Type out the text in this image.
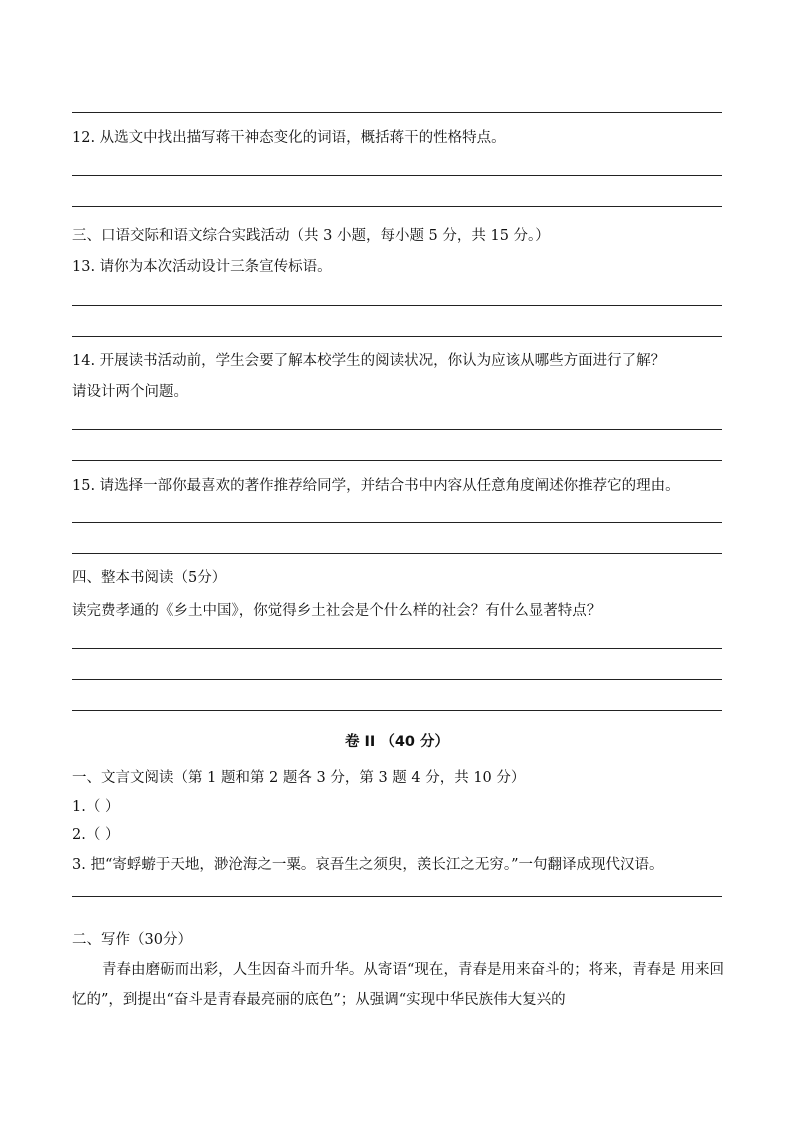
12. 从选文中找出描写蒋干神态变化的词语，概括蒋干的性格特点。
三、口语交际和语文综合实践活动（共 3 小题，每小题 5 分，共 15 分。）
13. 请你为本次活动设计三条宣传标语。
14. 开展读书活动前，学生会要了解本校学生的阅读状况，你认为应该从哪些方面进行了解？
请设计两个问题。
15. 请选择一部你最喜欢的著作推荐给同学，并结合书中内容从任意角度阐述你推荐它的理由。
四、整本书阅读（5分）
读完费孝通的《乡土中国》，你觉得乡土社会是个什么样的社会？有什么显著特点？
卷 II （40 分）
一、文言文阅读（第 1 题和第 2 题各 3 分，第 3 题 4 分，共 10 分）
1.（ ）
2.（ ）
3. 把“寄蜉蝣于天地，渺沧海之一粟。哀吾生之须臾，羡长江之无穷。”一句翻译成现代汉语。
二、写作（30分）
青春由磨砺而出彩，人生因奋斗而升华。从寄语“现在，青春是用来奋斗的；将来，青春是 用来回忆的”，到提出“奋斗是青春最亮丽的底色”；从强调“实现中华民族伟大复兴的
